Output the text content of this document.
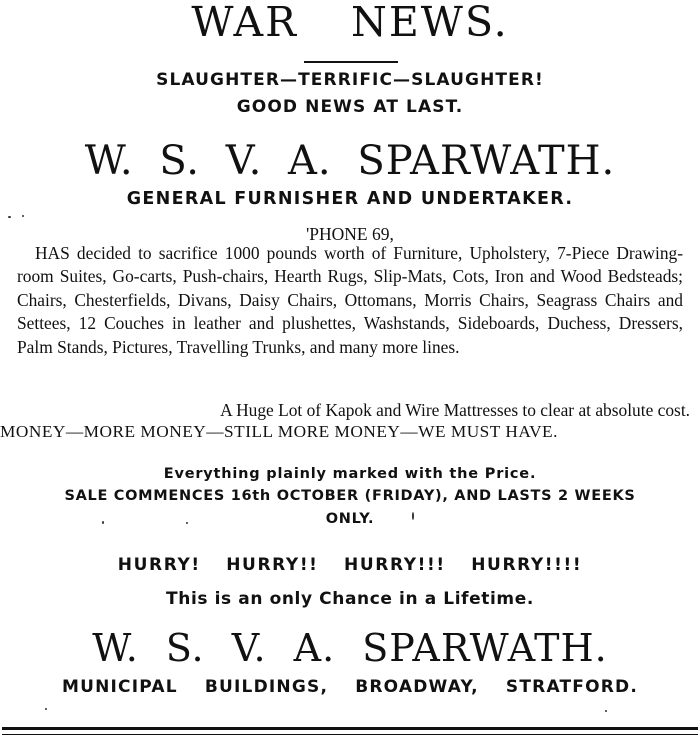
WAR NEWS.
SLAUGHTER—TERRIFIC—SLAUGHTER!
GOOD NEWS AT LAST.
W. S. V. A. SPARWATH.
GENERAL FURNISHER AND UNDERTAKER.
'PHONE 69,
HAS decided to sacrifice 1000 pounds worth of Furniture, Upholstery, 7-Piece Drawing-room Suites, Go-carts, Push-chairs, Hearth Rugs, Slip-Mats, Cots, Iron and Wood Bedsteads; Chairs, Chesterfields, Divans, Daisy Chairs, Ottomans, Morris Chairs, Seagrass Chairs and Settees, 12 Couches in leather and plushettes, Washstands, Sideboards, Duchess, Dressers, Palm Stands, Pictures, Travelling Trunks, and many more lines.
A Huge Lot of Kapok and Wire Mattresses to clear at absolute cost.
MONEY—MORE MONEY—STILL MORE MONEY—WE MUST HAVE.
Everything plainly marked with the Price.
SALE COMMENCES 16th OCTOBER (FRIDAY), AND LASTS 2 WEEKS
ONLY.
HURRY! HURRY!! HURRY!!! HURRY!!!!
This is an only Chance in a Lifetime.
W. S. V. A. SPARWATH.
MUNICIPAL BUILDINGS, BROADWAY, STRATFORD.
